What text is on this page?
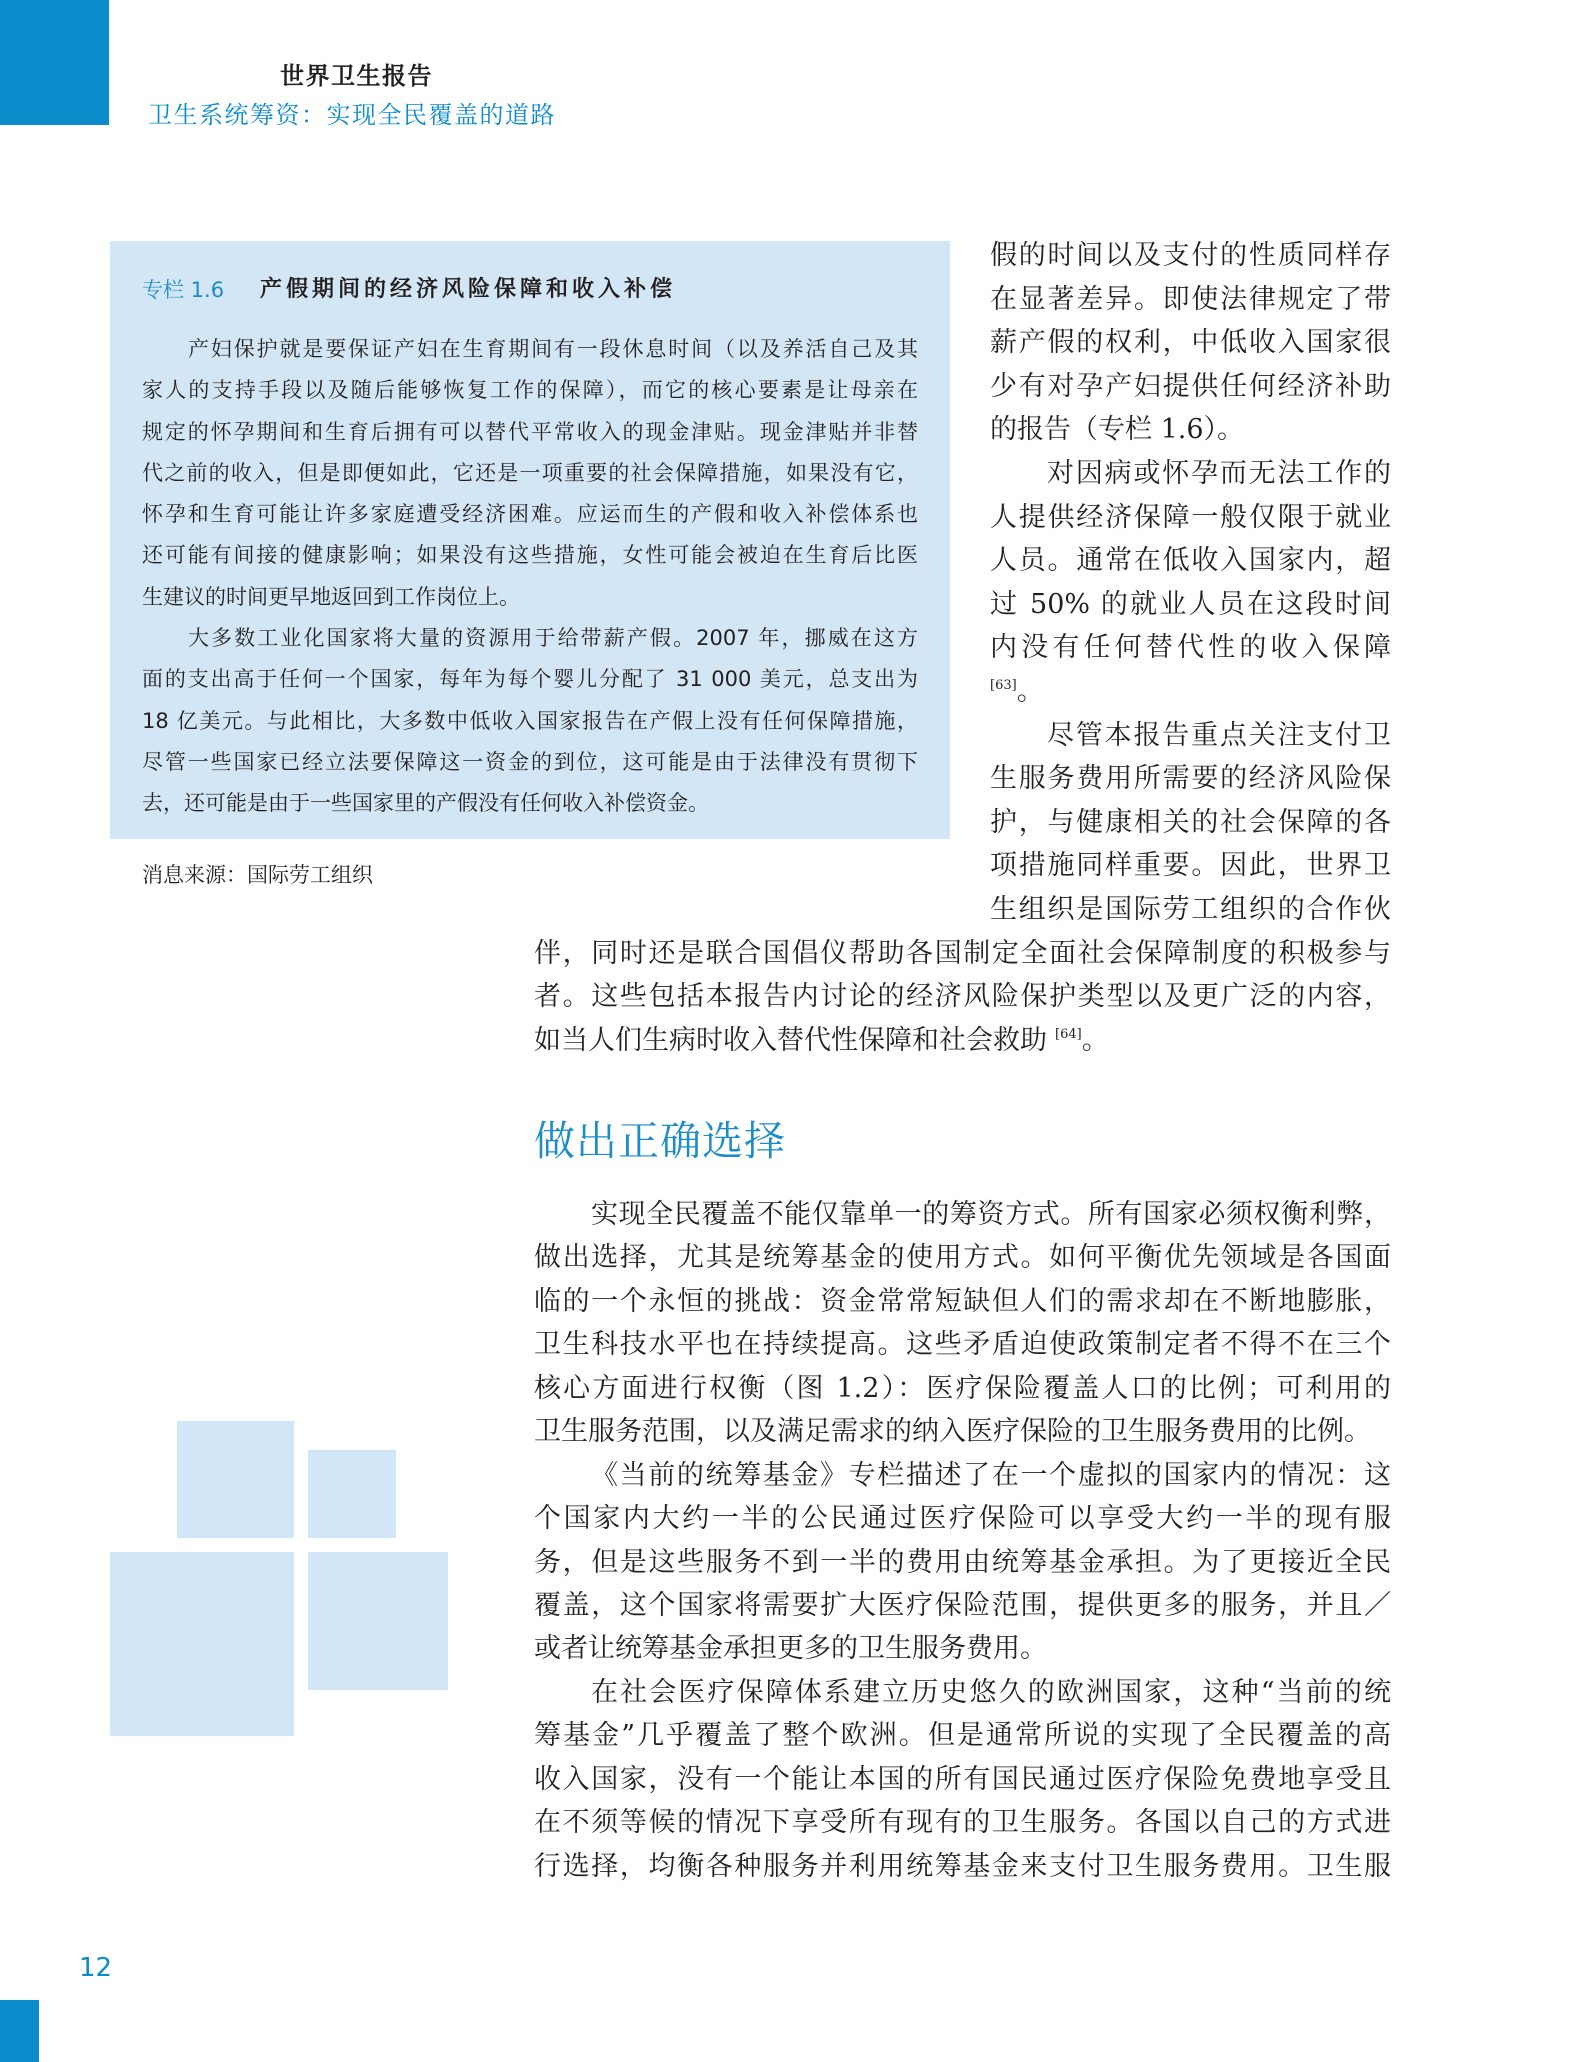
世界卫生报告
卫生系统筹资：实现全民覆盖的道路
专栏 1.6 产假期间的经济风险保障和收入补偿
产妇保护就是要保证产妇在生育期间有一段休息时间（以及养活自己及其
家人的支持手段以及随后能够恢复工作的保障），而它的核心要素是让母亲在
规定的怀孕期间和生育后拥有可以替代平常收入的现金津贴。现金津贴并非替
代之前的收入，但是即便如此，它还是一项重要的社会保障措施，如果没有它，
怀孕和生育可能让许多家庭遭受经济困难。应运而生的产假和收入补偿体系也
还可能有间接的健康影响；如果没有这些措施，女性可能会被迫在生育后比医
生建议的时间更早地返回到工作岗位上。
大多数工业化国家将大量的资源用于给带薪产假。2007 年，挪威在这方
面的支出高于任何一个国家，每年为每个婴儿分配了 31 000 美元，总支出为
18 亿美元。与此相比，大多数中低收入国家报告在产假上没有任何保障措施，
尽管一些国家已经立法要保障这一资金的到位，这可能是由于法律没有贯彻下
去，还可能是由于一些国家里的产假没有任何收入补偿资金。
消息来源：国际劳工组织
假的时间以及支付的性质同样存
在显著差异。即使法律规定了带
薪产假的权利，中低收入国家很
少有对孕产妇提供任何经济补助
的报告（专栏 1.6）。
对因病或怀孕而无法工作的
人提供经济保障一般仅限于就业
人员。通常在低收入国家内，超
过 50% 的就业人员在这段时间
内没有任何替代性的收入保障
[63]。
尽管本报告重点关注支付卫
生服务费用所需要的经济风险保
护，与健康相关的社会保障的各
项措施同样重要。因此，世界卫
生组织是国际劳工组织的合作伙
伴，同时还是联合国倡仪帮助各国制定全面社会保障制度的积极参与
者。这些包括本报告内讨论的经济风险保护类型以及更广泛的内容，
如当人们生病时收入替代性保障和社会救助 [64]。
做出正确选择
实现全民覆盖不能仅靠单一的筹资方式。所有国家必须权衡利弊，
做出选择，尤其是统筹基金的使用方式。如何平衡优先领域是各国面
临的一个永恒的挑战：资金常常短缺但人们的需求却在不断地膨胀，
卫生科技水平也在持续提高。这些矛盾迫使政策制定者不得不在三个
核心方面进行权衡（图 1.2）：医疗保险覆盖人口的比例；可利用的
卫生服务范围，以及满足需求的纳入医疗保险的卫生服务费用的比例。
《当前的统筹基金》专栏描述了在一个虚拟的国家内的情况：这
个国家内大约一半的公民通过医疗保险可以享受大约一半的现有服
务，但是这些服务不到一半的费用由统筹基金承担。为了更接近全民
覆盖，这个国家将需要扩大医疗保险范围，提供更多的服务，并且／
或者让统筹基金承担更多的卫生服务费用。
在社会医疗保障体系建立历史悠久的欧洲国家，这种“当前的统
筹基金”几乎覆盖了整个欧洲。但是通常所说的实现了全民覆盖的高
收入国家，没有一个能让本国的所有国民通过医疗保险免费地享受且
在不须等候的情况下享受所有现有的卫生服务。各国以自己的方式进
行选择，均衡各种服务并利用统筹基金来支付卫生服务费用。卫生服
12
